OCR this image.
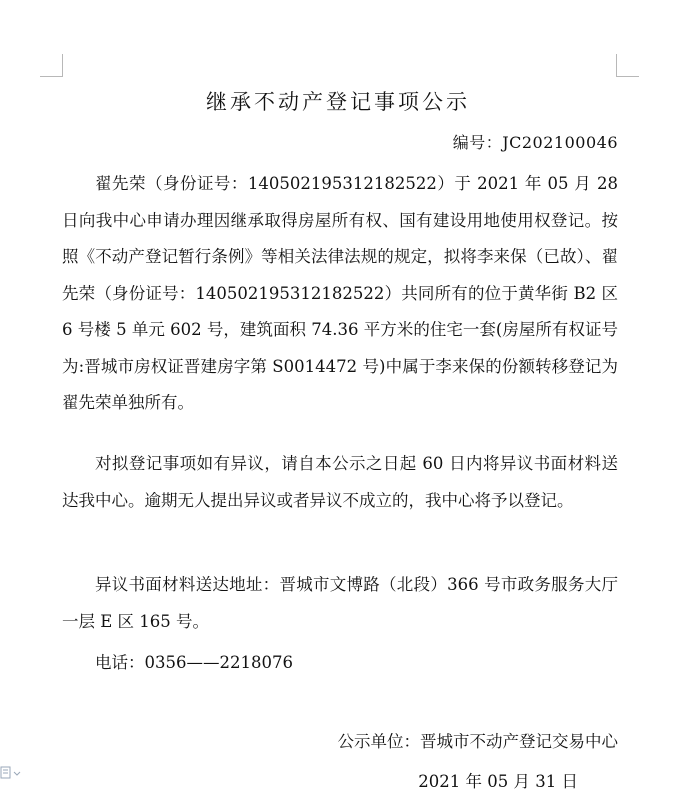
继承不动产登记事项公示
编号：JC202100046

翟先荣（身份证号：140502195312182522）于 2021 年 05 月 28 日向我中心申请办理因继承取得房屋所有权、国有建设用地使用权登记。按照《不动产登记暂行条例》等相关法律法规的规定，拟将李来保（已故）、翟先荣（身份证号：140502195312182522）共同所有的位于黄华街 B2 区 6 号楼 5 单元 602 号，建筑面积 74.36 平方米的住宅一套(房屋所有权证号为:晋城市房权证晋建房字第 S0014472 号)中属于李来保的份额转移登记为翟先荣单独所有。

对拟登记事项如有异议，请自本公示之日起 60 日内将异议书面材料送达我中心。逾期无人提出异议或者异议不成立的，我中心将予以登记。

异议书面材料送达地址：晋城市文博路（北段）366 号市政务服务大厅一层 E 区 165 号。

电话：0356——2218076

公示单位：晋城市不动产登记交易中心
2021 年 05 月 31 日
